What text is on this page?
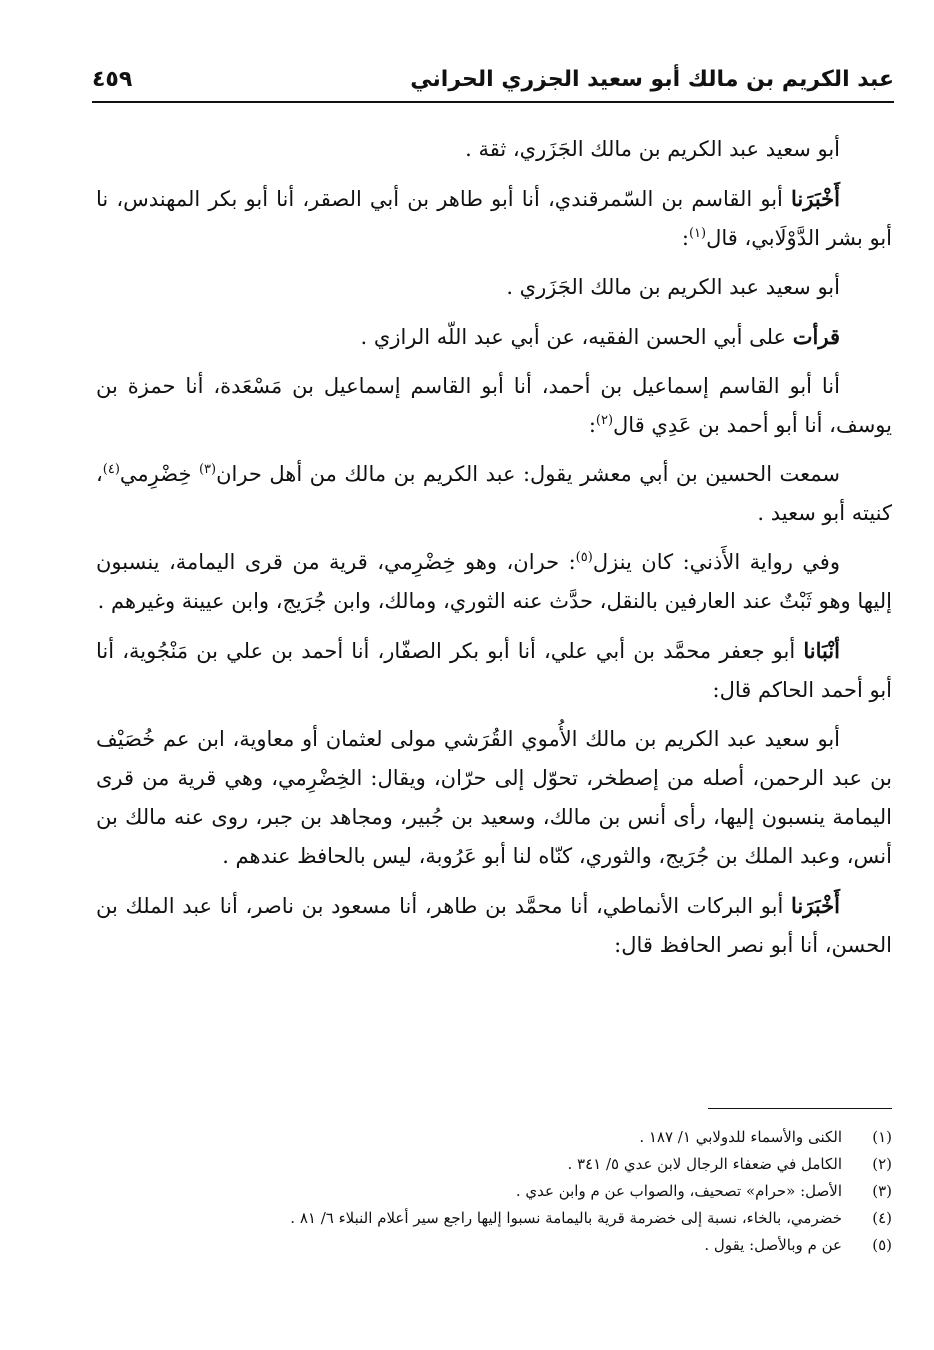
عبد الكريم بن مالك أبو سعيد الجزري الحراني
٤٥٩

أبو سعيد عبد الكريم بن مالك الجَزَري، ثقة .

أَخْبَرَنا أبو القاسم بن السّمرقندي، أنا أبو طاهر بن أبي الصقر، أنا أبو بكر المهندس، نا أبو بشر الدَّوْلَابي، قال$^{(١)}$:

أبو سعيد عبد الكريم بن مالك الجَزَري .

قرأت على أبي الحسن الفقيه، عن أبي عبد اللّه الرازي .

أنا أبو القاسم إسماعيل بن أحمد، أنا أبو القاسم إسماعيل بن مَسْعَدة، أنا حمزة بن يوسف، أنا أبو أحمد بن عَدِي قال$^{(٢)}$:

سمعت الحسين بن أبي معشر يقول: عبد الكريم بن مالك من أهل حران$^{(٣)}$ خِضْرِمي$^{(٤)}$، كنيته أبو سعيد .

وفي رواية الأَذني: كان ينزل$^{(٥)}$: حران، وهو خِضْرِمي، قرية من قرى اليمامة، ينسبون إليها وهو ثَبْتٌ عند العارفين بالنقل، حدَّث عنه الثوري، ومالك، وابن جُرَيج، وابن عيينة وغيرهم .

أنْبَانا أبو جعفر محمَّد بن أبي علي، أنا أبو بكر الصفّار، أنا أحمد بن علي بن مَنْجُوية، أنا أبو أحمد الحاكم قال:

أبو سعيد عبد الكريم بن مالك الأُموي القُرَشي مولى لعثمان أو معاوية، ابن عم خُصَيْف بن عبد الرحمن، أصله من إصطخر، تحوّل إلى حرّان، ويقال: الخِضْرِمي، وهي قرية من قرى اليمامة ينسبون إليها، رأى أنس بن مالك، وسعيد بن جُبير، ومجاهد بن جبر، روى عنه مالك بن أنس، وعبد الملك بن جُرَيج، والثوري، كنّاه لنا أبو عَرُوبة، ليس بالحافظ عندهم .

أَخْبَرَنا أبو البركات الأنماطي، أنا محمَّد بن طاهر، أنا مسعود بن ناصر، أنا عبد الملك بن الحسن، أنا أبو نصر الحافظ قال:

(١)
الكنى والأسماء للدولابي ١/ ١٨٧ .
(٢)
الكامل في ضعفاء الرجال لابن عدي ٥/ ٣٤١ .
(٣)
الأصل: «حرام» تصحيف، والصواب عن م وابن عدي .
(٤)
خضرمي، بالخاء، نسبة إلى خضرمة قرية باليمامة نسبوا إليها راجع سير أعلام النبلاء ٦/ ٨١ .
(٥)
عن م وبالأصل: يقول .
